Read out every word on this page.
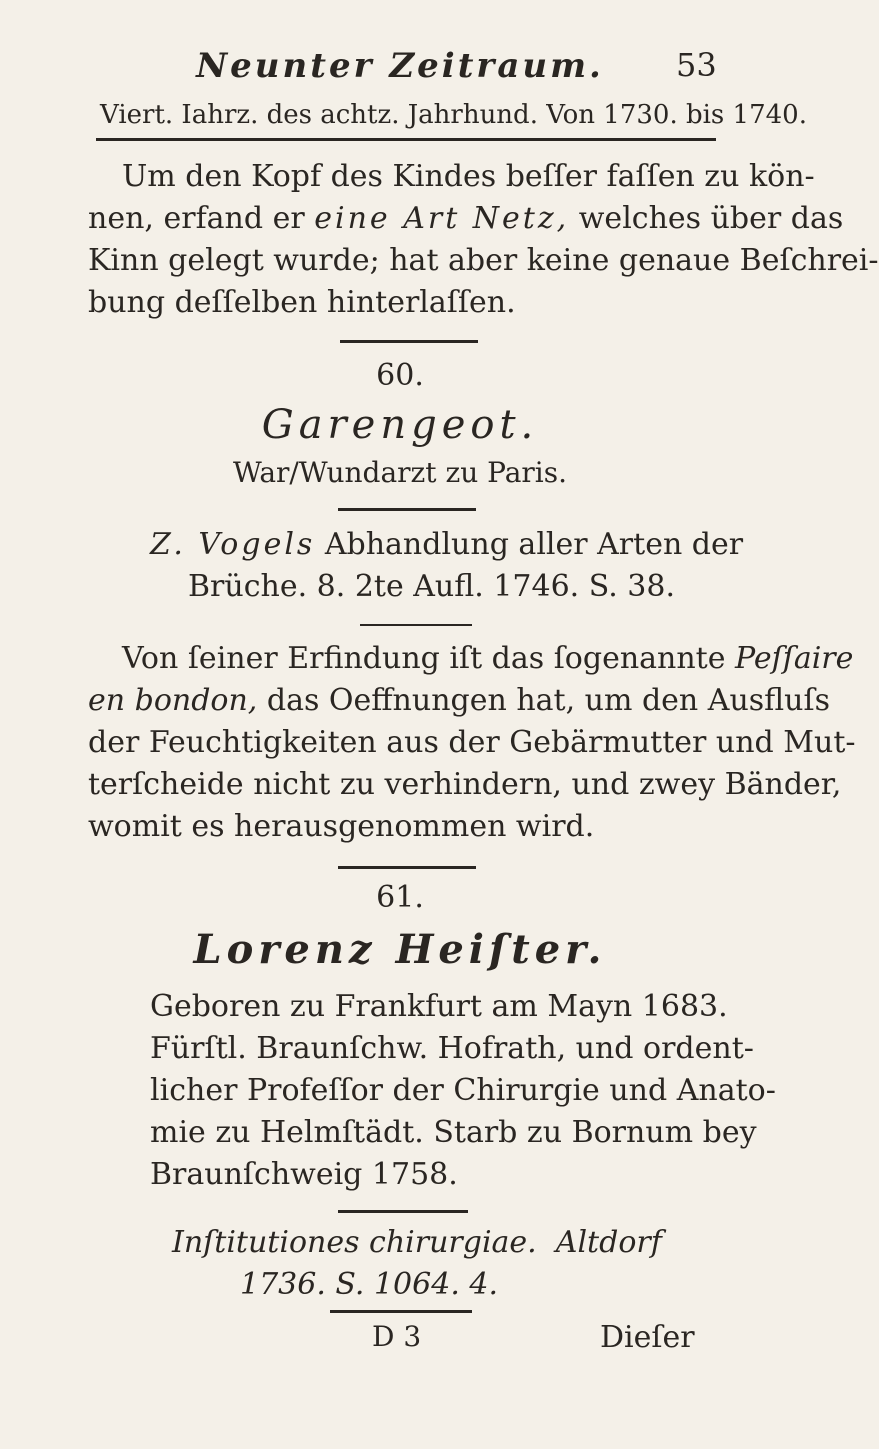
Neunter Zeitraum.	53
Viert. Iahrz. des achtz. Jahrhund. Von 1730. bis 1740.
Um den Kopf des Kindes beſſer faſſen zu kön-
nen, erfand er eine Art Netz, welches über das
Kinn gelegt wurde; hat aber keine genaue Beſchrei-
bung deſſelben hinterlaſſen.
60.
Garengeot.
War/Wundarzt zu Paris.
Z. Vogels Abhandlung aller Arten der
Brüche. 8. 2te Aufl. 1746. S. 38.
Von ſeiner Erfindung iſt das ſogenannte Peſſaire
en bondon, das Oeffnungen hat, um den Ausfluſs
der Feuchtigkeiten aus der Gebärmutter und Mut-
terſcheide nicht zu verhindern, und zwey Bänder,
womit es herausgenommen wird.
61.
Lorenz Heiſter.
Geboren zu Frankfurt am Mayn 1683.
Fürſtl. Braunſchw. Hofrath, und ordent-
licher Profeſſor der Chirurgie und Anato-
mie zu Helmſtädt. Starb zu Bornum bey
Braunſchweig 1758.
Inſtitutiones chirurgiae. Altdorf
1736. S. 1064. 4.
D 3	Dieſer
